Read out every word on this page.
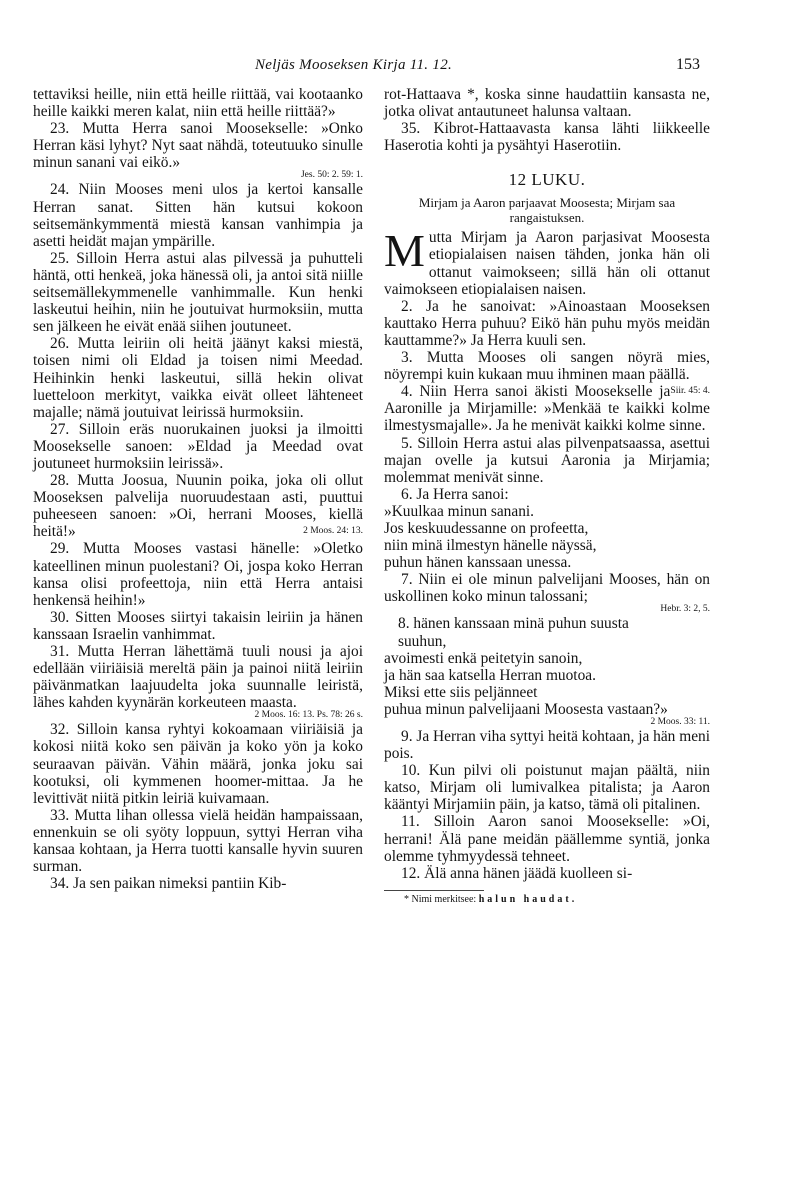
Neljäs Mooseksen Kirja 11. 12.	153

tettaviksi heille, niin että heille riittää, vai kootaanko heille kaikki meren kalat, niin että heille riittää?»

23. Mutta Herra sanoi Moosekselle: »Onko Herran käsi lyhyt? Nyt saat nähdä, toteutuuko sinulle minun sanani vai eikö.»

Jes. 50: 2. 59: 1.

24. Niin Mooses meni ulos ja kertoi kansalle Herran sanat. Sitten hän kutsui kokoon seitsemänkymmentä miestä kansan vanhimpia ja asetti heidät majan ympärille.

25. Silloin Herra astui alas pilvessä ja puhutteli häntä, otti henkeä, joka hänessä oli, ja antoi sitä niille seitsemällekymmenelle vanhimmalle. Kun henki laskeutui heihin, niin he joutuivat hurmoksiin, mutta sen jälkeen he eivät enää siihen joutuneet.

26. Mutta leiriin oli heitä jäänyt kaksi miestä, toisen nimi oli Eldad ja toisen nimi Meedad. Heihinkin henki laskeutui, sillä hekin olivat luetteloon merkityt, vaikka eivät olleet lähteneet majalle; nämä joutuivat leirissä hurmoksiin.

27. Silloin eräs nuorukainen juoksi ja ilmoitti Moosekselle sanoen: »Eldad ja Meedad ovat joutuneet hurmoksiin leirissä».

28. Mutta Joosua, Nuunin poika, joka oli ollut Mooseksen palvelija nuoruudestaan asti, puuttui puheeseen sanoen: »Oi, herrani Mooses, kiellä heitä!»	2 Moos. 24: 13.

29. Mutta Mooses vastasi hänelle: »Oletko kateellinen minun puolestani? Oi, jospa koko Herran kansa olisi profeettoja, niin että Herra antaisi henkensä heihin!»

30. Sitten Mooses siirtyi takaisin leiriin ja hänen kanssaan Israelin vanhimmat.

31. Mutta Herran lähettämä tuuli nousi ja ajoi edellään viiriäisiä mereltä päin ja painoi niitä leiriin päivänmatkan laajuudelta joka suunnalle leiristä, lähes kahden kyynärän korkeuteen maasta.

2 Moos. 16: 13. Ps. 78: 26 s.

32. Silloin kansa ryhtyi kokoamaan viiriäisiä ja kokosi niitä koko sen päivän ja koko yön ja koko seuraavan päivän. Vähin määrä, jonka joku sai kootuksi, oli kymmenen hoomer-mittaa. Ja he levittivät niitä pitkin leiriä kuivamaan.

33. Mutta lihan ollessa vielä heidän hampaissaan, ennenkuin se oli syöty loppuun, syttyi Herran viha kansaa kohtaan, ja Herra tuotti kansalle hyvin suuren surman.

34. Ja sen paikan nimeksi pantiin Kib-

rot-Hattaava *, koska sinne haudattiin kansasta ne, jotka olivat antautuneet halunsa valtaan.

35. Kibrot-Hattaavasta kansa lähti liikkeelle Haserotia kohti ja pysähtyi Haserotiin.

12 LUKU.
Mirjam ja Aaron parjaavat Moosesta; Mirjam saa rangaistuksen.

Mutta Mirjam ja Aaron parjasivat Moosesta etiopialaisen naisen tähden, jonka hän oli ottanut vaimokseen; sillä hän oli ottanut vaimokseen etiopialaisen naisen.

2. Ja he sanoivat: »Ainoastaan Mooseksen kauttako Herra puhuu? Eikö hän puhu myös meidän kauttamme?» Ja Herra kuuli sen.

3. Mutta Mooses oli sangen nöyrä mies, nöyrempi kuin kukaan muu ihminen maan päällä.
Siir. 45: 4.

4. Niin Herra sanoi äkisti Moosekselle ja Aaronille ja Mirjamille: »Menkää te kaikki kolme ilmestysmajalle». Ja he menivät kaikki kolme sinne.

5. Silloin Herra astui alas pilvenpatsaassa, asettui majan ovelle ja kutsui Aaronia ja Mirjamia; molemmat menivät sinne.

6. Ja Herra sanoi:

»Kuulkaa minun sanani.
Jos keskuudessanne on profeetta,
niin minä ilmestyn hänelle näyssä,
puhun hänen kanssaan unessa.

7. Niin ei ole minun palvelijani Mooses, hän on uskollinen koko minun talossani;

Hebr. 3: 2, 5.
8. hänen kanssaan minä puhun suusta
suuhun,
avoimesti enkä peitetyin sanoin,
ja hän saa katsella Herran muotoa.
Miksi ette siis peljänneet
puhua minun palvelijaani Moosesta vastaan?»
2 Moos. 33: 11.

9. Ja Herran viha syttyi heitä kohtaan, ja hän meni pois.

10. Kun pilvi oli poistunut majan päältä, niin katso, Mirjam oli lumivalkea pitalista; ja Aaron kääntyi Mirjamiin päin, ja katso, tämä oli pitalinen.

11. Silloin Aaron sanoi Moosekselle: »Oi, herrani! Älä pane meidän päällemme syntiä, jonka olemme tyhmyydessä tehneet.

12. Älä anna hänen jäädä kuolleen si-

* Nimi merkitsee: halun haudat.
